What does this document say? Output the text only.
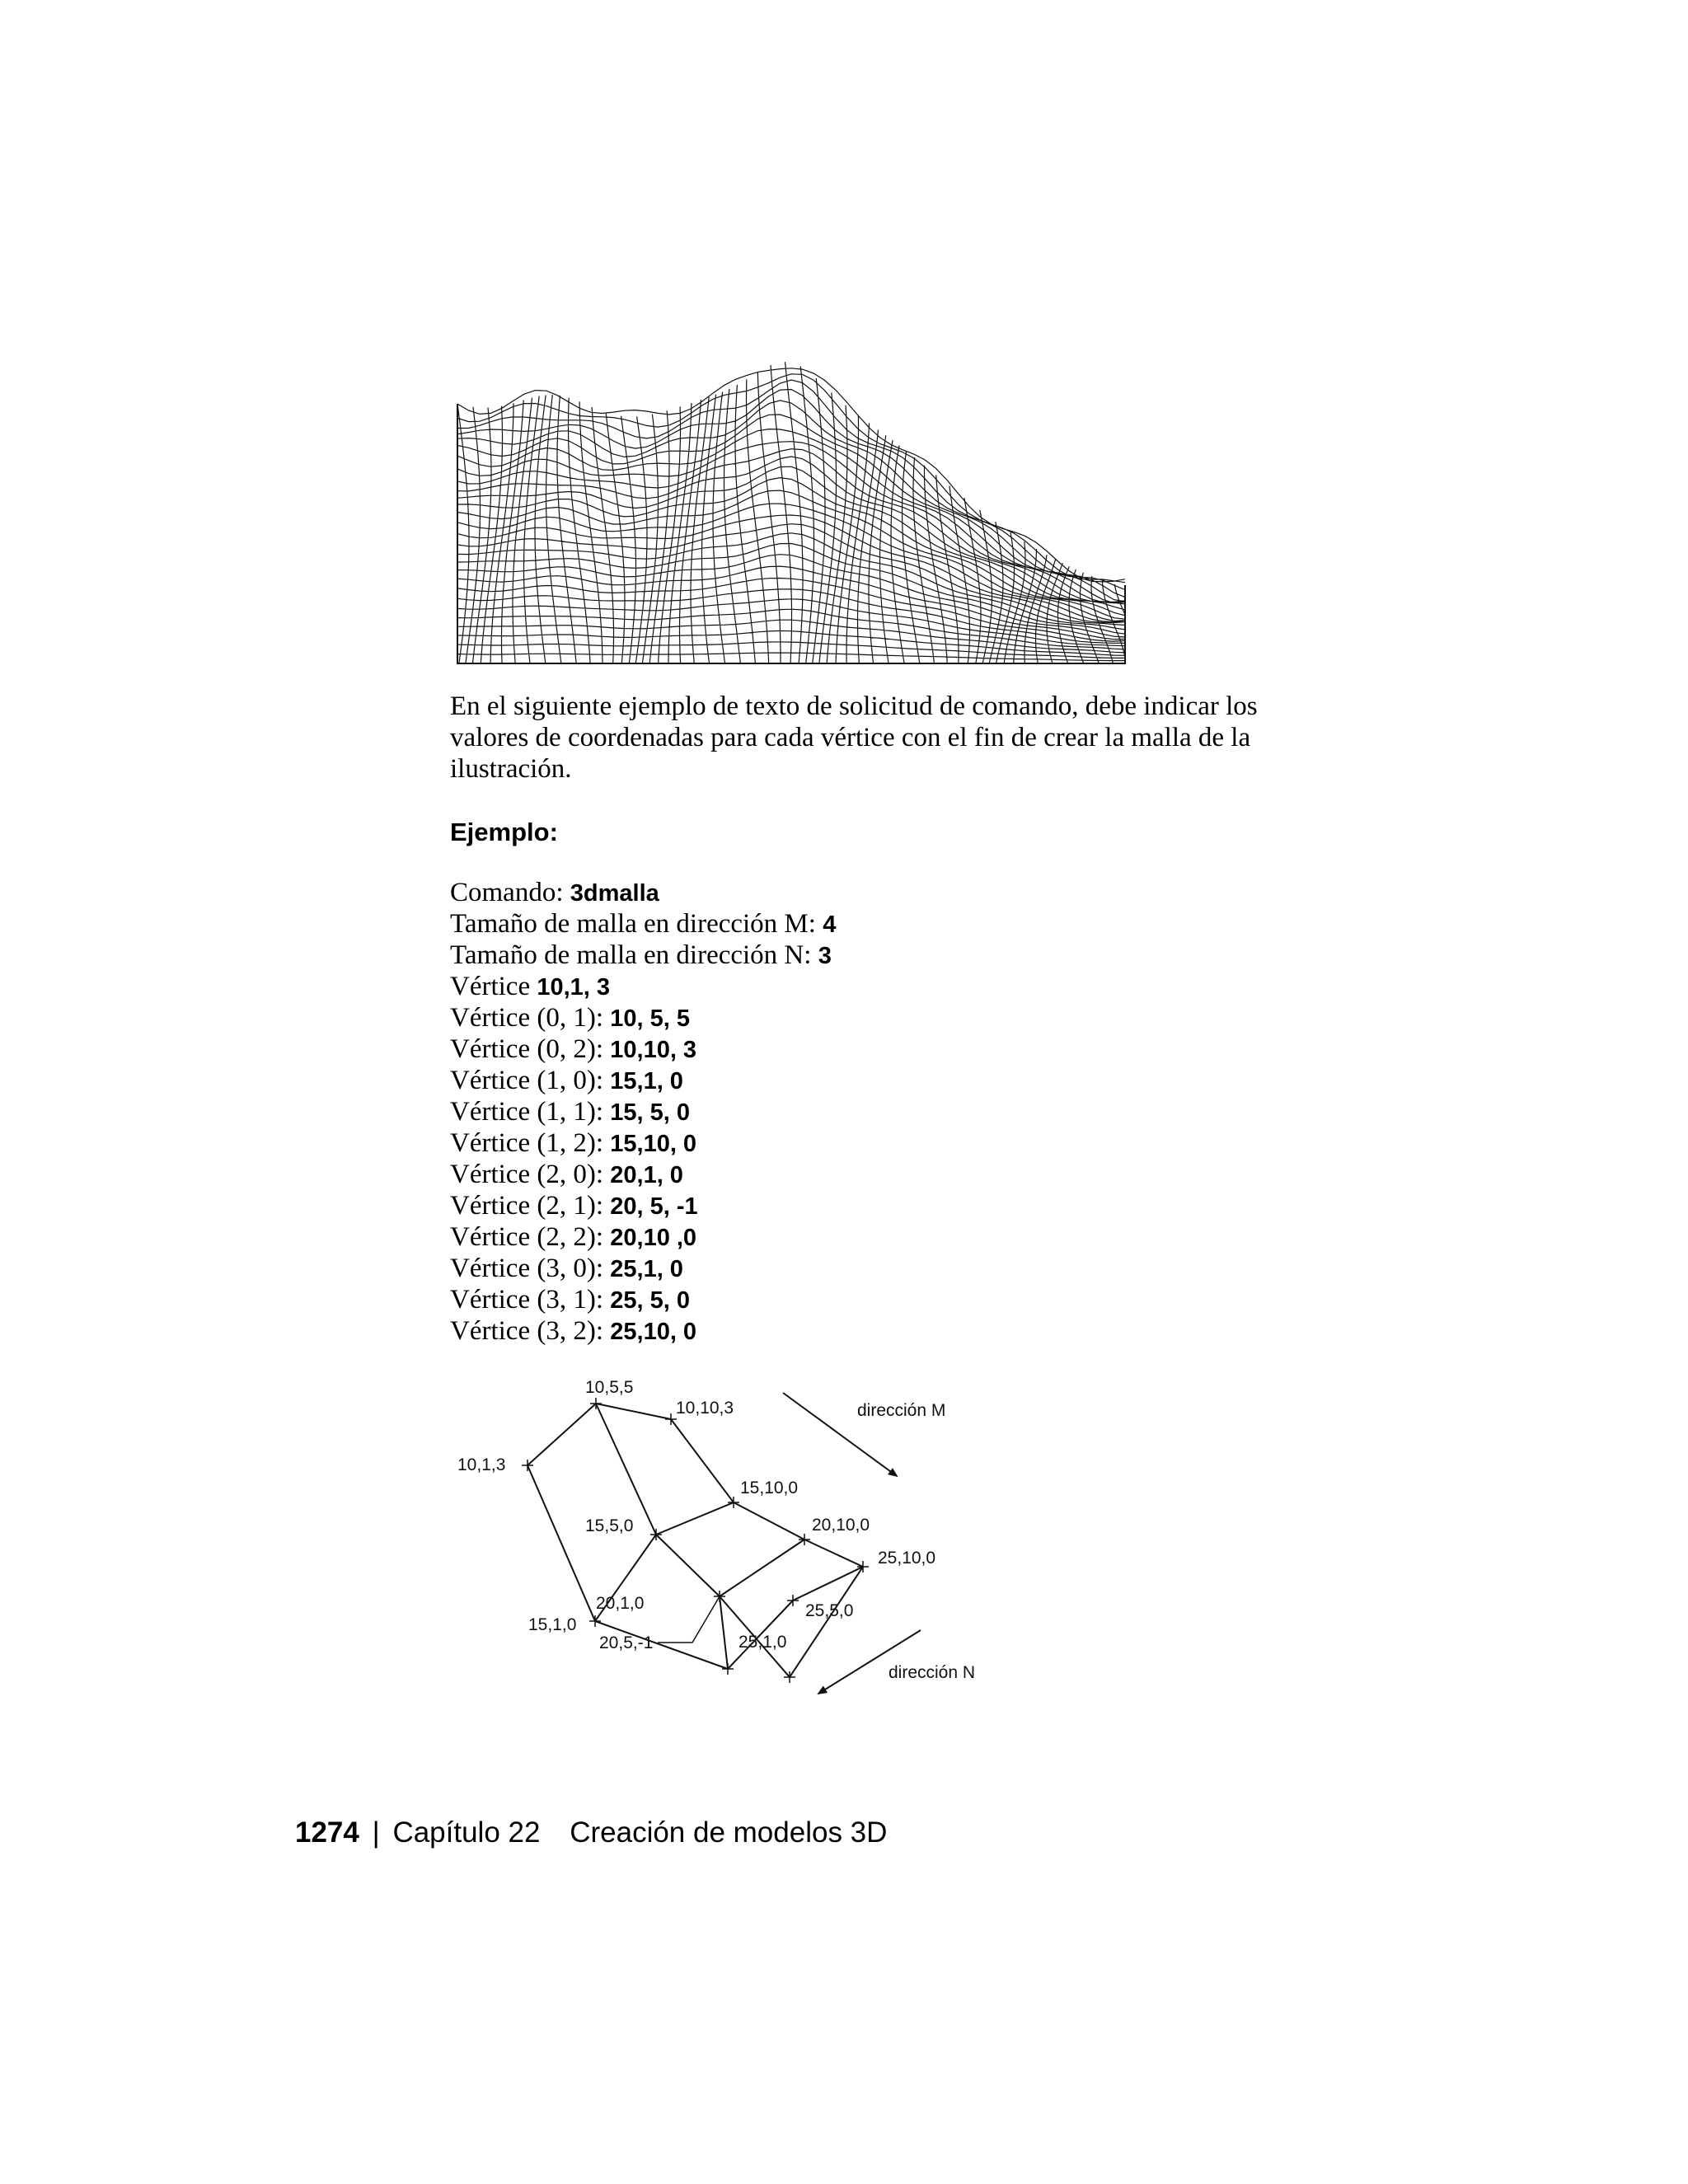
En el siguiente ejemplo de texto de solicitud de comando, debe indicar los valores de coordenadas para cada vértice con el fin de crear la malla de la ilustración.

Ejemplo:

Comando: 3dmalla
Tamaño de malla en dirección M: 4
Tamaño de malla en dirección N: 3
Vértice 10,1, 3
Vértice (0, 1): 10, 5, 5
Vértice (0, 2): 10,10, 3
Vértice (1, 0): 15,1, 0
Vértice (1, 1): 15, 5, 0
Vértice (1, 2): 15,10, 0
Vértice (2, 0): 20,1, 0
Vértice (2, 1): 20, 5, -1
Vértice (2, 2): 20,10 ,0
Vértice (3, 0): 25,1, 0
Vértice (3, 1): 25, 5, 0
Vértice (3, 2): 25,10, 0
10,1,3
10,5,5
10,10,3
15,10,0
15,5,0	20,10,0
25,10,0
15,1,0
20,1,0	25,5,0
20,5,-1	25,1,0
dirección M
dirección N
1274 | Capítulo 22 Creación de modelos 3D
